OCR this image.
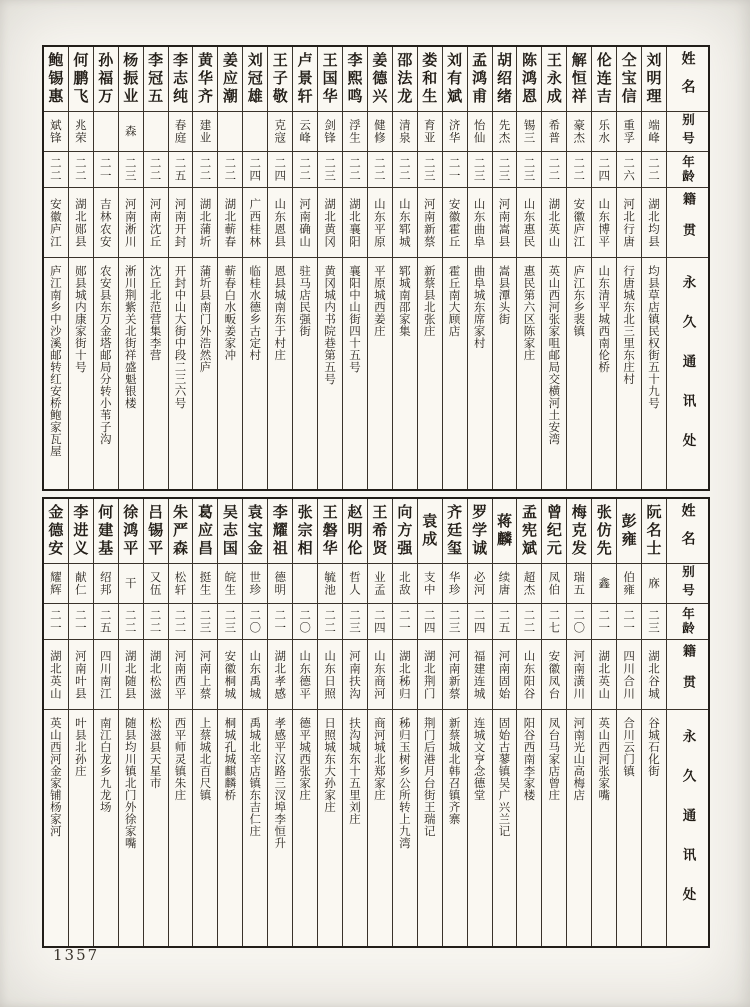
姓名
别号
年龄
籍贯
永久通讯处
刘明理
端峰
二二
湖北均县
均县草店镇民权街五十九号
仝宝信
重孚
二六
河北行唐
行唐城东北三里东庄村
伦连吉
乐水
二四
山东博平
山东清平城西南伦桥
解恒祥
豪杰
二二
安徽庐江
庐江东乡裴镇
王永成
希普
二二
湖北英山
英山西河张家咀邮局交横河土安湾
陈鸿恩
锡三
二三
山东惠民
惠民第六区陈家庄
胡绍绪
先杰
二三
河南嵩县
嵩县潭头街
孟鸿甫
怡仙
二三
山东曲阜
曲阜城东席家村
刘有斌
济华
二一
安徽霍丘
霍丘南大顾店
娄和生
育亚
二三
河南新蔡
新蔡县北张庄
邵法龙
清泉
二二
山东郓城
郓城南邵家集
姜德兴
健修
二二
山东平原
平原城西姜庄
李熙鸣
浮生
二二
湖北襄阳
襄阳中山街四十五号
王国华
剑锋
二三
湖北黄冈
黄冈城内书院巷第五号
卢景轩
云峰
二二
河南确山
驻马店民强街
王子敬
克寇
二四
山东恩县
恩县城南东于村庄
刘冠雄
二四
广西桂林
临桂水德乡古定村
姜应潮
二二
湖北蕲春
蕲春白水畈姜家冲
黄华齐
建业
二二
湖北蒲圻
蒲圻县南门外浩然庐
李志纯
春庭
二五
河南开封
开封中山大街中段二三六号
李冠五
二二
河南沈丘
沈丘北范营集李营
杨振业
森
二三
河南淅川
淅川荆紫关北街祥盛魁银楼
孙福万
二一
吉林农安
农安县东万金塔邮局分转小苇子沟
何鹏飞
兆荣
二二
湖北郧县
郧县城内康家街十号
鲍锡惠
斌锋
二二
安徽庐江
庐江南乡中沙溪邮转红安桥鲍家瓦屋
姓名
别号
年龄
籍贯
永久通讯处
阮名士
庥
二三
湖北谷城
谷城石化街
彭雍
伯雍
二一
四川合川
合川云门镇
张仿先
鑫
二一
湖北英山
英山西河张家嘴
梅克发
瑞五
二〇
河南潢川
河南光山高梅店
曾纪元
凤伯
二七
安徽凤台
凤台马家店曾庄
孟宪斌
超杰
二二
山东阳谷
阳谷西南李家楼
蒋麟
续唐
二五
河南固始
固始古蓼镇吴广兴兰记
罗学诚
必河
二四
福建连城
连城文亨念德堂
齐廷玺
华珍
二三
河南新蔡
新蔡城北韩召镇齐寨
袁成
支中
二四
湖北荆门
荆门后港月台街王瑞记
向方强
北敌
二一
湖北秭归
秭归玉树乡公所转上九湾
王希贤
业孟
二四
山东商河
商河城北郑家庄
赵明伦
哲人
二三
河南扶沟
扶沟城东十五里刘庄
王磐华
毓池
二二
山东日照
日照城东大孙家庄
张宗相
二〇
山东德平
德平城西张家庄
李耀祖
德明
二一
湖北孝感
孝感平汉路三汊埠李恒升
袁宝金
世珍
二〇
山东禹城
禹城北辛店镇东吉仁庄
吴志国
皖生
二三
安徽桐城
桐城孔城麒麟桥
葛应昌
挺生
二三
河南上蔡
上蔡城北百尺镇
朱严森
松轩
二二
河南西平
西平师灵镇朱庄
吕锡平
又伍
二二
湖北松滋
松滋县天星市
徐鸿平
干
二二
湖北随县
随县均川镇北门外徐家嘴
何建基
绍邦
二五
四川南江
南江白龙乡九龙场
李进义
献仁
二一
河南叶县
叶县北孙庄
金德安
耀辉
二一
湖北英山
英山西河金家铺杨家河
1357
